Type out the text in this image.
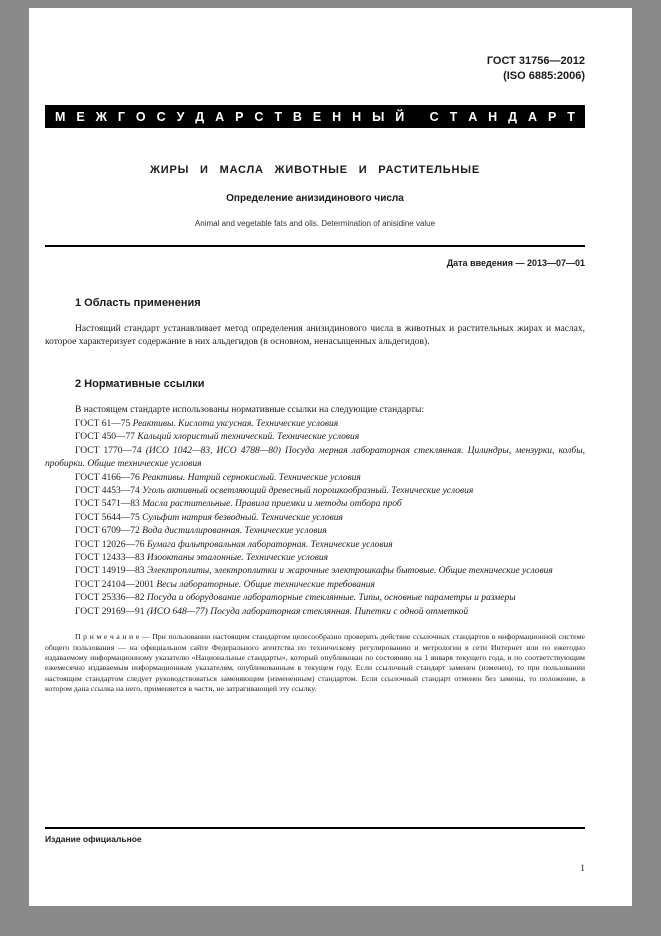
ГОСТ 31756—2012
(ISO 6885:2006)
М Е Ж Г О С У Д А Р С Т В Е Н Н Ы Й
С Т А Н Д А Р Т
ЖИРЫ И МАСЛА ЖИВОТНЫЕ И РАСТИТЕЛЬНЫЕ
Определение анизидинового числа
Animal and vegetable fats and oils. Determination of anisidine value
Дата введения — 2013—07—01
1 Область применения

Настоящий стандарт устанавливает метод определения анизидинового числа в животных и растительных жирах и маслах, которое характеризует содержание в них альдегидов (в основном, ненасыщенных альдегидов).

2 Нормативные ссылки

В настоящем стандарте использованы нормативные ссылки на следующие стандарты:

ГОСТ 61—75 Реактивы. Кислота уксусная. Технические условия

ГОСТ 450—77 Кальций хлористый технический. Технические условия

ГОСТ 1770—74 (ИСО 1042—83, ИСО 4788—80) Посуда мерная лабораторная стеклянная. Цилиндры, мензурки, колбы, пробирки. Общие технические условия

ГОСТ 4166—76 Реактивы. Натрий сернокислый. Технические условия

ГОСТ 4453—74 Уголь активный осветляющий древесный порошкообразный. Технические условия

ГОСТ 5471—83 Масла растительные. Правила приемки и методы отбора проб

ГОСТ 5644—75 Сульфит натрия безводный. Технические условия

ГОСТ 6709—72 Вода дистиллированная. Технические условия

ГОСТ 12026—76 Бумага фильтровальная лабораторная. Технические условия

ГОСТ 12433—83 Изооктаны эталонные. Технические условия

ГОСТ 14919—83 Электроплиты, электроплитки и жарочные электрошкафы бытовые. Общие технические условия

ГОСТ 24104—2001 Весы лабораторные. Общие технические требования

ГОСТ 25336—82 Посуда и оборудование лабораторные стеклянные. Типы, основные параметры и размеры

ГОСТ 29169—91 (ИСО 648—77) Посуда лабораторная стеклянная. Пипетки с одной отметкой

П р и м е ч а н и е — При пользовании настоящим стандартом целесообразно проверить действие ссылочных стандартов в информационной системе общего пользования — на официальном сайте Федерального агентства по техническому регулированию и метрологии в сети Интернет или по ежегодно издаваемому информационному указателю «Национальные стандарты», который опубликован по состоянию на 1 января текущего года, и по соответствующим ежемесячно издаваемым информационным указателям, опубликованным в текущем году. Если ссылочный стандарт заменен (изменен), то при пользовании настоящим стандартом следует руководствоваться заменяющим (измененным) стандартом. Если ссылочный стандарт отменен без замены, то положение, в котором дана ссылка на него, применяется в части, не затрагивающей эту ссылку.

Издание официальное
1
